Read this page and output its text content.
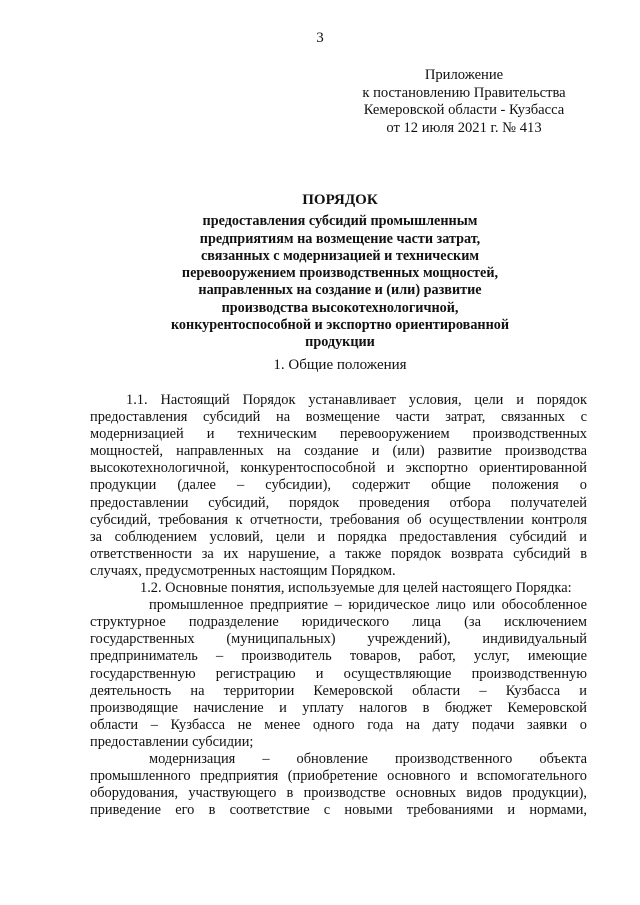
3
Приложение
к постановлению Правительства
Кемеровской области - Кузбасса
от 12 июля 2021 г. № 413
ПОРЯДОК
предоставления субсидий промышленным
предприятиям на возмещение части затрат,
связанных с модернизацией и техническим
перевооружением производственных мощностей,
направленных на создание и (или) развитие
производства высокотехнологичной,
конкурентоспособной и экспортно ориентированной
продукции
1. Общие положения
1.1. Настоящий Порядок устанавливает условия, цели и порядок
предоставления субсидий на возмещение части затрат, связанных с
модернизацией и техническим перевооружением производственных
мощностей, направленных на создание и (или) развитие производства
высокотехнологичной, конкурентоспособной и экспортно ориентированной
продукции (далее – субсидии), содержит общие положения о
предоставлении субсидий, порядок проведения отбора получателей
субсидий, требования к отчетности, требования об осуществлении контроля
за соблюдением условий, цели и порядка предоставления субсидий и
ответственности за их нарушение, а также порядок возврата субсидий в
случаях, предусмотренных настоящим Порядком.
1.2. Основные понятия, используемые для целей настоящего Порядка:
промышленное предприятие – юридическое лицо или обособленное
структурное подразделение юридического лица (за исключением
государственных (муниципальных) учреждений), индивидуальный
предприниматель – производитель товаров, работ, услуг, имеющие
государственную регистрацию и осуществляющие производственную
деятельность на территории Кемеровской области – Кузбасса и
производящие начисление и уплату налогов в бюджет Кемеровской
области – Кузбасса не менее одного года на дату подачи заявки о
предоставлении субсидии;
модернизация – обновление производственного объекта
промышленного предприятия (приобретение основного и вспомогательного
оборудования, участвующего в производстве основных видов продукции),
приведение его в соответствие с новыми требованиями и нормами,
